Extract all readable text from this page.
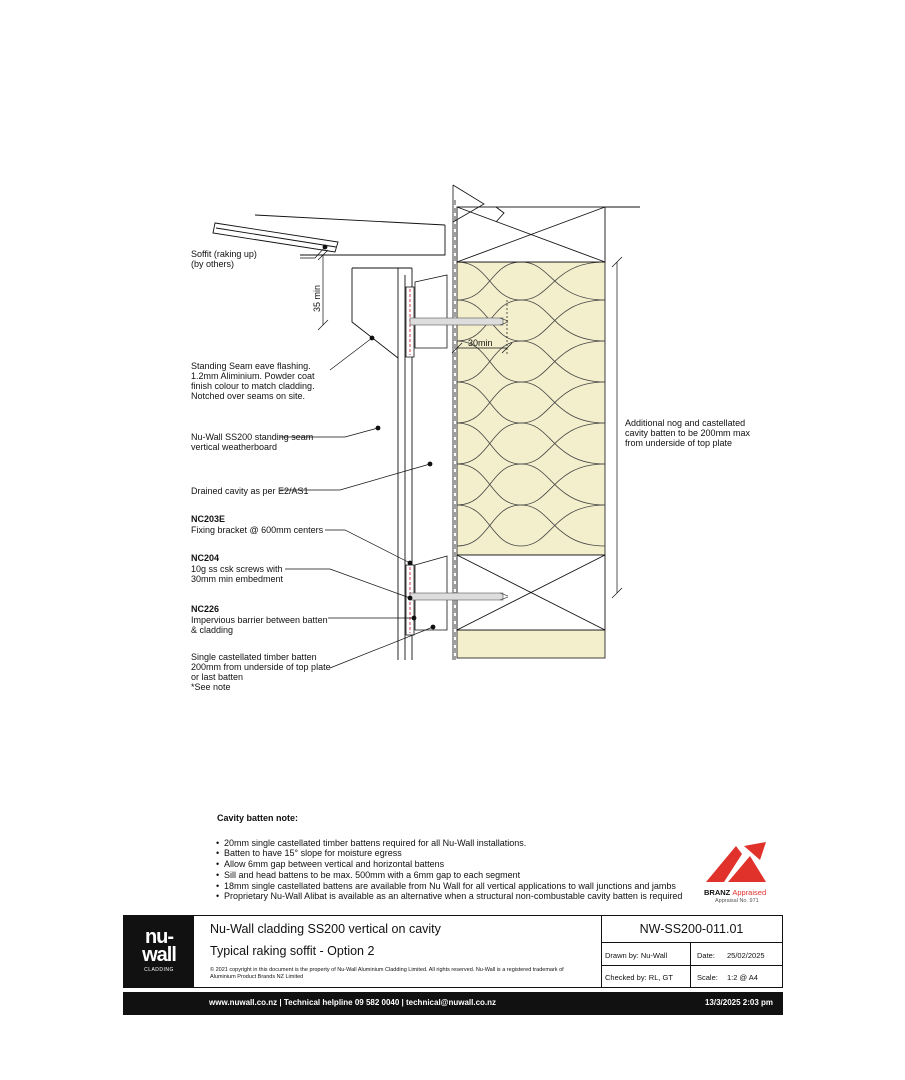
35 min
30min
Soffit (raking up) (by others)
Standing Seam eave flashing. 1.2mm Aliminium. Powder coat finish colour to match cladding. Notched over seams on site.
Nu-Wall SS200 standing seam vertical weatherboard
Drained cavity as per E2/AS1
NC203E
Fixing bracket @ 600mm centers
NC204
10g ss csk screws with 30mm min embedment
NC226
Impervious barrier between batten & cladding
Single castellated timber batten 200mm from underside of top plate or last batten *See note
Additional nog and castellated cavity batten to be 200mm max from underside of top plate
Cavity batten note:
• 20mm single castellated timber battens required for all Nu-Wall installations.
• Batten to have 15° slope for moisture egress
• Allow 6mm gap between vertical and horizontal battens
• Sill and head battens to be max. 500mm with a 6mm gap to each segment
• 18mm single castellated battens are available from Nu Wall for all vertical applications to wall junctions and jambs
• Proprietary Nu-Wall Alibat is available as an alternative when a structural non-combustable cavity batten is required	BRANZ Appraised
Appraisal No. 971
nu-
wall
CLADDING
Nu-Wall cladding SS200 vertical on cavity
Typical raking soffit - Option 2
© 2021 copyright in this document is the property of Nu-Wall Aluminium Cladding Limited. All rights reserved. Nu-Wall is a registered trademark of Aluminium Product Brands NZ Limited
NW-SS200-011.01
Drawn by: Nu-Wall	Date: 25/02/2025
Checked by: RL, GT	Scale: 1:2 @ A4
www.nuwall.co.nz | Technical helpline 09 582 0040 | technical@nuwall.co.nz	13/3/2025 2:03 pm
